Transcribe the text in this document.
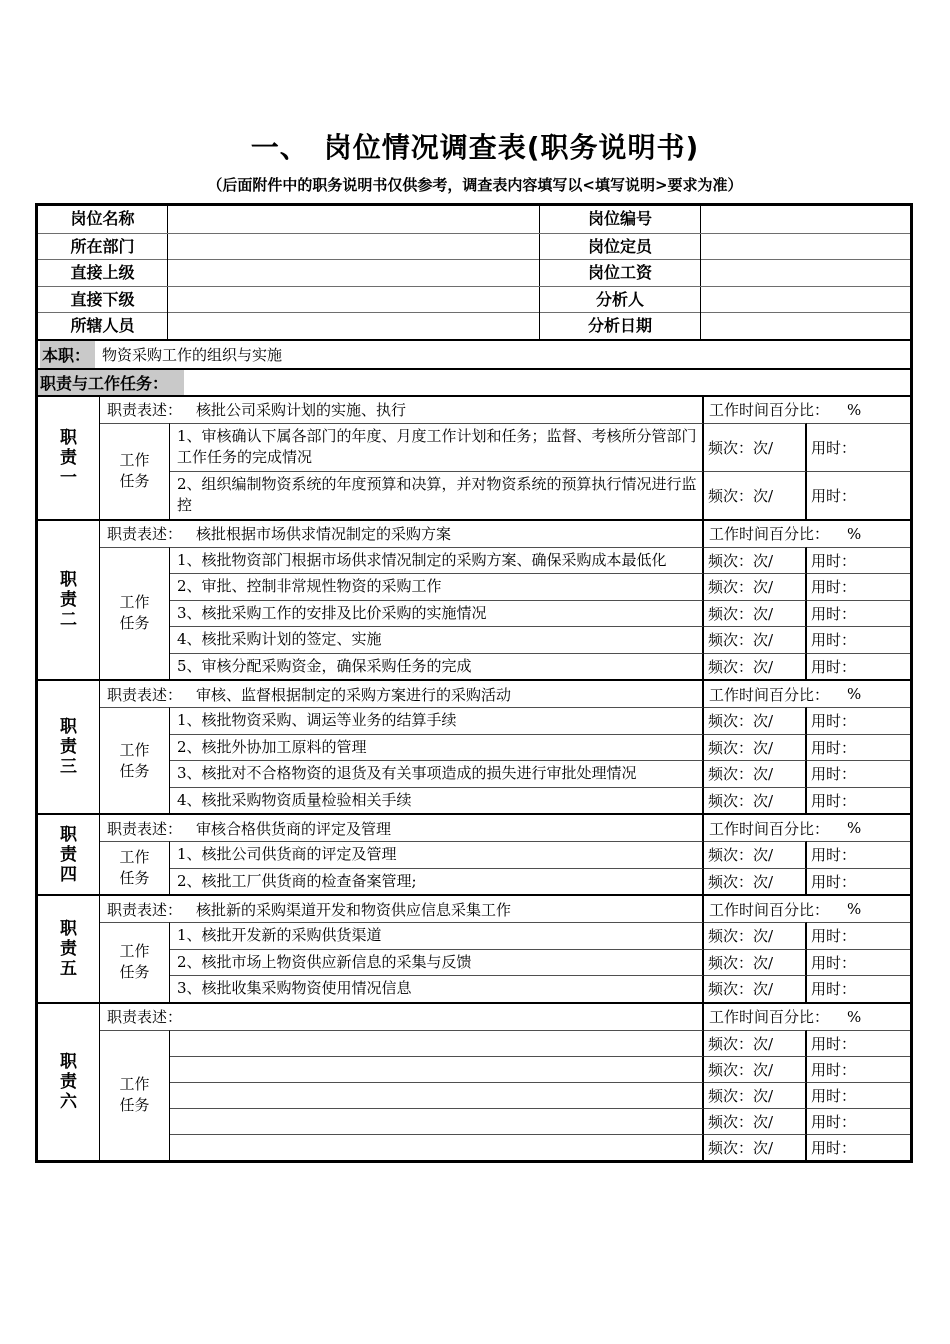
一、　岗位情况调查表(职务说明书)
（后面附件中的职务说明书仅供参考，调查表内容填写以<填写说明>要求为准）
岗位名称	岗位编号
所在部门	岗位定员
直接上级	岗位工资
直接下级	分析人
所辖人员	分析日期
本职： 物资采购工作的组织与实施
职责与工作任务：
职责一
职责表述： 核批公司采购计划的实施、执行	工作时间百分比： %
工作任务
1、审核确认下属各部门的年度、月度工作计划和任务；监督、考核所分管部门工作任务的完成情况
频次：次/	用时：
2、组织编制物资系统的年度预算和决算，并对物资系统的预算执行情况进行监控
频次：次/	用时：
职责二
职责表述： 核批根据市场供求情况制定的采购方案	工作时间百分比： %
工作任务
1、核批物资部门根据市场供求情况制定的采购方案、确保采购成本最低化	频次：次/	用时：
2、审批、控制非常规性物资的采购工作	频次：次/	用时：
3、核批采购工作的安排及比价采购的实施情况	频次：次/	用时：
4、核批采购计划的签定、实施	频次：次/	用时：
5、审核分配采购资金，确保采购任务的完成	频次：次/	用时：
职责三
职责表述： 审核、监督根据制定的采购方案进行的采购活动	工作时间百分比： %
工作任务
1、核批物资采购、调运等业务的结算手续	频次：次/	用时：
2、核批外协加工原料的管理	频次：次/	用时：
3、核批对不合格物资的退货及有关事项造成的损失进行审批处理情况	频次：次/	用时：
4、核批采购物资质量检验相关手续	频次：次/	用时：
职责四
职责表述： 审核合格供货商的评定及管理	工作时间百分比： %
工作任务
1、核批公司供货商的评定及管理	频次：次/	用时：
2、核批工厂供货商的检查备案管理;	频次：次/	用时：
职责五
职责表述： 核批新的采购渠道开发和物资供应信息采集工作	工作时间百分比： %
工作任务
1、核批开发新的采购供货渠道	频次：次/	用时：
2、核批市场上物资供应新信息的采集与反馈	频次：次/	用时：
3、核批收集采购物资使用情况信息	频次：次/	用时：
职责六
职责表述：	工作时间百分比： %
工作任务
频次：次/	用时：
频次：次/	用时：
频次：次/	用时：
频次：次/	用时：
频次：次/	用时：
